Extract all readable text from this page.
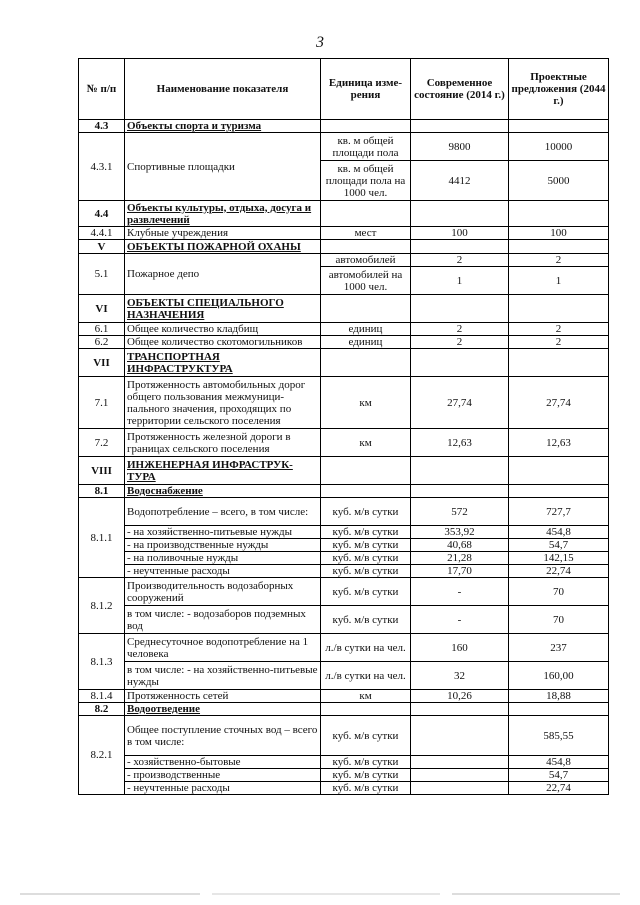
3
№ п/п	Наименование показателя	Единица изме-рения	Современное состояние (2014 г.)	Проектные предложения (2044 г.)
4.3	Объекты спорта и туризма			
4.3.1	Спортивные площадки	кв. м общей площади пола	9800	10000
		кв. м общей площади пола на 1000 чел.	4412	5000
4.4	Объекты культуры, отдыха, досуга и развлечений			
4.4.1	Клубные учреждения	мест	100	100
V	ОБЪЕКТЫ ПОЖАРНОЙ ОХАНЫ			
5.1	Пожарное депо	автомобилей	2	2
		автомобилей на 1000 чел.	1	1
VI	ОБЪЕКТЫ СПЕЦИАЛЬНОГО НАЗНАЧЕНИЯ			
6.1	Общее количество кладбищ	единиц	2	2
6.2	Общее количество скотомогильников	единиц	2	2
VII	ТРАНСПОРТНАЯ ИНФРАСТРУКТУРА			
7.1	Протяженность автомобильных дорог общего пользования межмуници-пального значения, проходящих по территории сельского поселения	км	27,74	27,74
7.2	Протяженность железной дороги в границах сельского поселения	км	12,63	12,63
VIII	ИНЖЕНЕРНАЯ ИНФРАСТРУК-ТУРА			
8.1	Водоснабжение			
8.1.1	Водопотребление – всего, в том числе:	куб. м/в сутки	572	727,7
	- на хозяйственно-питьевые нужды	куб. м/в сутки	353,92	454,8
	- на производственные нужды	куб. м/в сутки	40,68	54,7
	- на поливочные нужды	куб. м/в сутки	21,28	142,15
	- неучтенные расходы	куб. м/в сутки	17,70	22,74
8.1.2	Производительность водозаборных сооружений	куб. м/в сутки	-	70
	в том числе: - водозаборов подземных вод	куб. м/в сутки	-	70
8.1.3	Среднесуточное водопотребление на 1 человека	л./в сутки на чел.	160	237
	в том числе: - на хозяйственно-питьевые нужды	л./в сутки на чел.	32	160,00
8.1.4	Протяженность сетей	км	10,26	18,88
8.2	Водоотведение			
8.2.1	Общее поступление сточных вод – всего в том числе:	куб. м/в сутки		585,55
	- хозяйственно-бытовые	куб. м/в сутки		454,8
	- производственные	куб. м/в сутки		54,7
	- неучтенные расходы	куб. м/в сутки		22,74
